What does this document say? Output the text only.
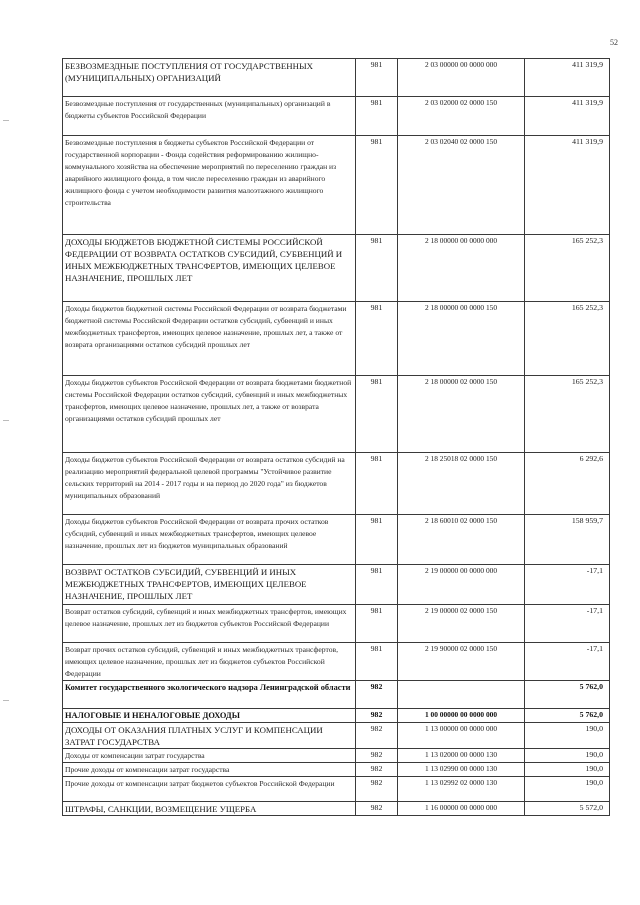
52
БЕЗВОЗМЕЗДНЫЕ ПОСТУПЛЕНИЯ ОТ ГОСУДАРСТВЕННЫХ (МУНИЦИПАЛЬНЫХ) ОРГАНИЗАЦИЙ	981	2 03 00000 00 0000 000	411 319,9
Безвозмездные поступления от государственных (муниципальных) организаций в бюджеты субъектов Российской Федерации	981	2 03 02000 02 0000 150	411 319,9
Безвозмездные поступления в бюджеты субъектов Российской Федерации от государственной корпорации - Фонда содействия реформированию жилищно-коммунального хозяйства на обеспечение мероприятий по переселению граждан из аварийного жилищного фонда, в том числе переселению граждан из аварийного жилищного фонда с учетом необходимости развития малоэтажного жилищного строительства	981	2 03 02040 02 0000 150	411 319,9
ДОХОДЫ БЮДЖЕТОВ БЮДЖЕТНОЙ СИСТЕМЫ РОССИЙСКОЙ ФЕДЕРАЦИИ ОТ ВОЗВРАТА ОСТАТКОВ СУБСИДИЙ, СУБВЕНЦИЙ И ИНЫХ МЕЖБЮДЖЕТНЫХ ТРАНСФЕРТОВ, ИМЕЮЩИХ ЦЕЛЕВОЕ НАЗНАЧЕНИЕ, ПРОШЛЫХ ЛЕТ	981	2 18 00000 00 0000 000	165 252,3
Доходы бюджетов бюджетной системы Российской Федерации от возврата бюджетами бюджетной системы Российской Федерации остатков субсидий, субвенций и иных межбюджетных трансфертов, имеющих целевое назначение, прошлых лет, а также от возврата организациями остатков субсидий прошлых лет	981	2 18 00000 00 0000 150	165 252,3
Доходы бюджетов субъектов Российской Федерации от возврата бюджетами бюджетной системы Российской Федерации остатков субсидий, субвенций и иных межбюджетных трансфертов, имеющих целевое назначение, прошлых лет, а также от возврата организациями остатков субсидий прошлых лет	981	2 18 00000 02 0000 150	165 252,3
Доходы бюджетов субъектов Российской Федерации от возврата остатков субсидий на реализацию мероприятий федеральной целевой программы "Устойчивое развитие сельских территорий на 2014 - 2017 годы и на период до 2020 года" из бюджетов муниципальных образований	981	2 18 25018 02 0000 150	6 292,6
Доходы бюджетов субъектов Российской Федерации от возврата прочих остатков субсидий, субвенций и иных межбюджетных трансфертов, имеющих целевое назначение, прошлых лет из бюджетов муниципальных образований	981	2 18 60010 02 0000 150	158 959,7
ВОЗВРАТ ОСТАТКОВ СУБСИДИЙ, СУБВЕНЦИЙ И ИНЫХ МЕЖБЮДЖЕТНЫХ ТРАНСФЕРТОВ, ИМЕЮЩИХ ЦЕЛЕВОЕ НАЗНАЧЕНИЕ, ПРОШЛЫХ ЛЕТ	981	2 19 00000 00 0000 000	-17,1
Возврат остатков субсидий, субвенций и иных межбюджетных трансфертов, имеющих целевое назначение, прошлых лет из бюджетов субъектов Российской Федерации	981	2 19 00000 02 0000 150	-17,1
Возврат прочих остатков субсидий, субвенций и иных межбюджетных трансфертов, имеющих целевое назначение, прошлых лет из бюджетов субъектов Российской Федерации	981	2 19 90000 02 0000 150	-17,1
Комитет государственного экологического надзора Ленинградской области	982		5 762,0
НАЛОГОВЫЕ И НЕНАЛОГОВЫЕ ДОХОДЫ	982	1 00 00000 00 0000 000	5 762,0
ДОХОДЫ ОТ ОКАЗАНИЯ ПЛАТНЫХ УСЛУГ И КОМПЕНСАЦИИ ЗАТРАТ ГОСУДАРСТВА	982	1 13 00000 00 0000 000	190,0
Доходы от компенсации затрат государства	982	1 13 02000 00 0000 130	190,0
Прочие доходы от компенсации затрат государства	982	1 13 02990 00 0000 130	190,0
Прочие доходы от компенсации затрат бюджетов субъектов Российской Федерации	982	1 13 02992 02 0000 130	190,0
ШТРАФЫ, САНКЦИИ, ВОЗМЕЩЕНИЕ УЩЕРБА	982	1 16 00000 00 0000 000	5 572,0
